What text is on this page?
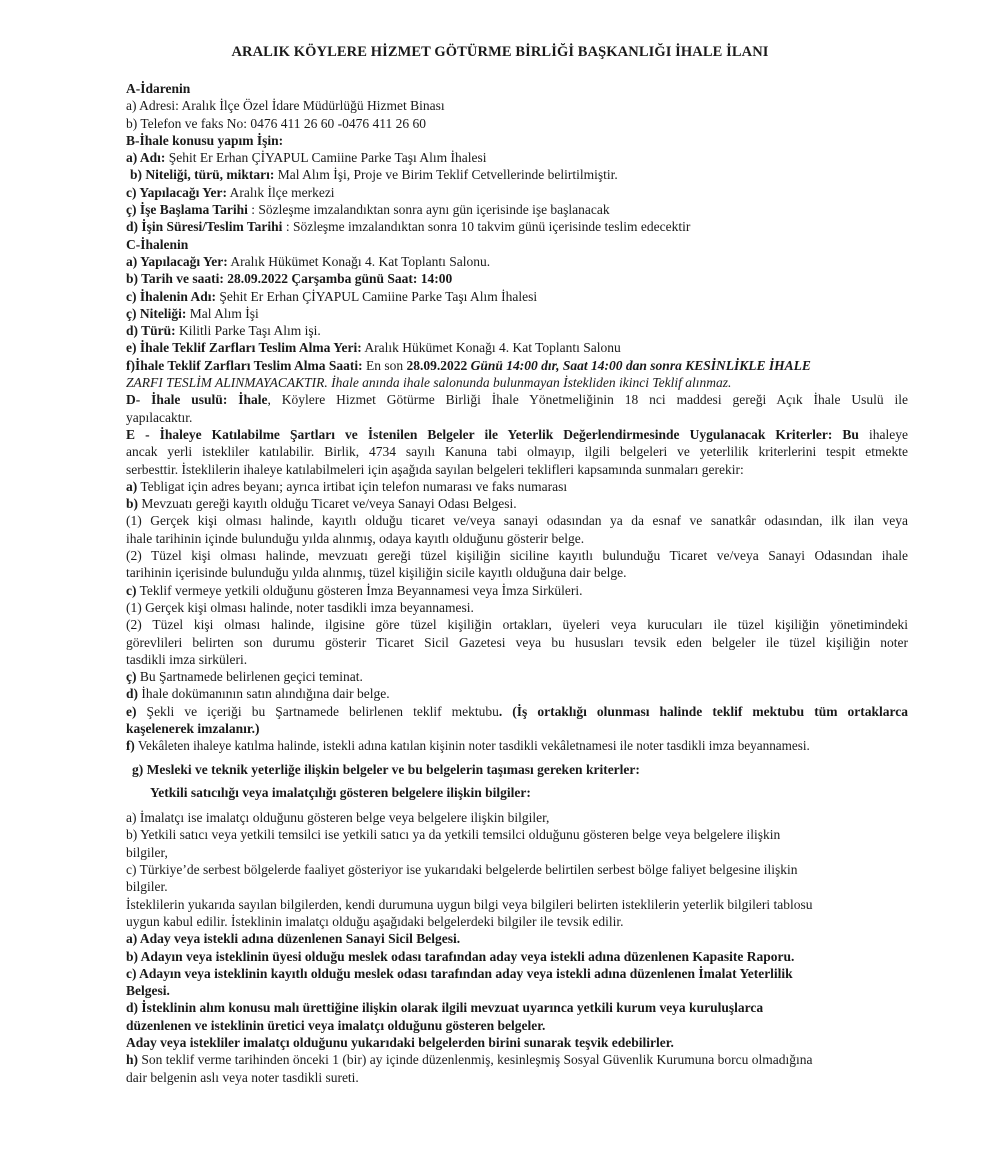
ARALIK KÖYLERE HİZMET GÖTÜRME BİRLİĞİ BAŞKANLIĞI İHALE İLANI
A-İdarenin
a) Adresi: Aralık İlçe Özel İdare Müdürlüğü Hizmet Binası
b) Telefon ve faks No: 0476 411 26 60 -0476 411 26 60
B-İhale konusu yapım İşin:
a) Adı: Şehit Er Erhan ÇİYAPUL Camiine Parke Taşı Alım İhalesi
b) Niteliği, türü, miktarı: Mal Alım İşi, Proje ve Birim Teklif Cetvellerinde belirtilmiştir.
c) Yapılacağı Yer: Aralık İlçe merkezi
ç) İşe Başlama Tarihi : Sözleşme imzalandıktan sonra aynı gün içerisinde işe başlanacak
d) İşin Süresi/Teslim Tarihi : Sözleşme imzalandıktan sonra 10 takvim günü içerisinde teslim edecektir
C-İhalenin
a) Yapılacağı Yer: Aralık Hükümet Konağı 4. Kat Toplantı Salonu.
b) Tarih ve saati: 28.09.2022 Çarşamba günü Saat: 14:00
c) İhalenin Adı: Şehit Er Erhan ÇİYAPUL Camiine Parke Taşı Alım İhalesi
ç) Niteliği: Mal Alım İşi
d) Türü: Kilitli Parke Taşı Alım işi.
e) İhale Teklif Zarfları Teslim Alma Yeri: Aralık Hükümet Konağı 4. Kat Toplantı Salonu
f)İhale Teklif Zarfları Teslim Alma Saati: En son 28.09.2022 Günü 14:00 dır, Saat 14:00 dan sonra KESİNLİKLE İHALE
ZARFI TESLİM ALINMAYACAKTIR. İhale anında ihale salonunda bulunmayan İstekliden ikinci Teklif alınmaz.
D- İhale usulü: İhale, Köylere Hizmet Götürme Birliği İhale Yönetmeliğinin 18 nci maddesi gereği Açık İhale Usulü ile
yapılacaktır.
E - İhaleye Katılabilme Şartları ve İstenilen Belgeler ile Yeterlik Değerlendirmesinde Uygulanacak Kriterler: Bu ihaleye
ancak yerli istekliler katılabilir. Birlik, 4734 sayılı Kanuna tabi olmayıp, ilgili belgeleri ve yeterlilik kriterlerini tespit etmekte
serbesttir. İsteklilerin ihaleye katılabilmeleri için aşağıda sayılan belgeleri teklifleri kapsamında sunmaları gerekir:
a) Tebligat için adres beyanı; ayrıca irtibat için telefon numarası ve faks numarası
b) Mevzuatı gereği kayıtlı olduğu Ticaret ve/veya Sanayi Odası Belgesi.
(1) Gerçek kişi olması halinde, kayıtlı olduğu ticaret ve/veya sanayi odasından ya da esnaf ve sanatkâr odasından, ilk ilan veya
ihale tarihinin içinde bulunduğu yılda alınmış, odaya kayıtlı olduğunu gösterir belge.
(2) Tüzel kişi olması halinde, mevzuatı gereği tüzel kişiliğin siciline kayıtlı bulunduğu Ticaret ve/veya Sanayi Odasından ihale
tarihinin içerisinde bulunduğu yılda alınmış, tüzel kişiliğin sicile kayıtlı olduğuna dair belge.
c) Teklif vermeye yetkili olduğunu gösteren İmza Beyannamesi veya İmza Sirküleri.
(1) Gerçek kişi olması halinde, noter tasdikli imza beyannamesi.
(2) Tüzel kişi olması halinde, ilgisine göre tüzel kişiliğin ortakları, üyeleri veya kurucuları ile tüzel kişiliğin yönetimindeki
görevlileri belirten son durumu gösterir Ticaret Sicil Gazetesi veya bu hususları tevsik eden belgeler ile tüzel kişiliğin noter
tasdikli imza sirküleri.
ç) Bu Şartnamede belirlenen geçici teminat.
d) İhale dokümanının satın alındığına dair belge.
e) Şekli ve içeriği bu Şartnamede belirlenen teklif mektubu. (İş ortaklığı olunması halinde teklif mektubu tüm ortaklarca
kaşelenerek imzalanır.)
f) Vekâleten ihaleye katılma halinde, istekli adına katılan kişinin noter tasdikli vekâletnamesi ile noter tasdikli imza beyannamesi.
g) Mesleki ve teknik yeterliğe ilişkin belgeler ve bu belgelerin taşıması gereken kriterler:
Yetkili satıcılığı veya imalatçılığı gösteren belgelere ilişkin bilgiler:
a) İmalatçı ise imalatçı olduğunu gösteren belge veya belgelere ilişkin bilgiler,
b) Yetkili satıcı veya yetkili temsilci ise yetkili satıcı ya da yetkili temsilci olduğunu gösteren belge veya belgelere ilişkin
bilgiler,
c) Türkiye’de serbest bölgelerde faaliyet gösteriyor ise yukarıdaki belgelerde belirtilen serbest bölge faliyet belgesine ilişkin
bilgiler.
İsteklilerin yukarıda sayılan bilgilerden, kendi durumuna uygun bilgi veya bilgileri belirten isteklilerin yeterlik bilgileri tablosu
uygun kabul edilir. İsteklinin imalatçı olduğu aşağıdaki belgelerdeki bilgiler ile tevsik edilir.
a) Aday veya istekli adına düzenlenen Sanayi Sicil Belgesi.
b) Adayın veya isteklinin üyesi olduğu meslek odası tarafından aday veya istekli adına düzenlenen Kapasite Raporu.
c) Adayın veya isteklinin kayıtlı olduğu meslek odası tarafından aday veya istekli adına düzenlenen İmalat Yeterlilik
Belgesi.
d) İsteklinin alım konusu malı ürettiğine ilişkin olarak ilgili mevzuat uyarınca yetkili kurum veya kuruluşlarca
düzenlenen ve isteklinin üretici veya imalatçı olduğunu gösteren belgeler.
Aday veya istekliler imalatçı olduğunu yukarıdaki belgelerden birini sunarak teşvik edebilirler.
h) Son teklif verme tarihinden önceki 1 (bir) ay içinde düzenlenmiş, kesinleşmiş Sosyal Güvenlik Kurumuna borcu olmadığına
dair belgenin aslı veya noter tasdikli sureti.
